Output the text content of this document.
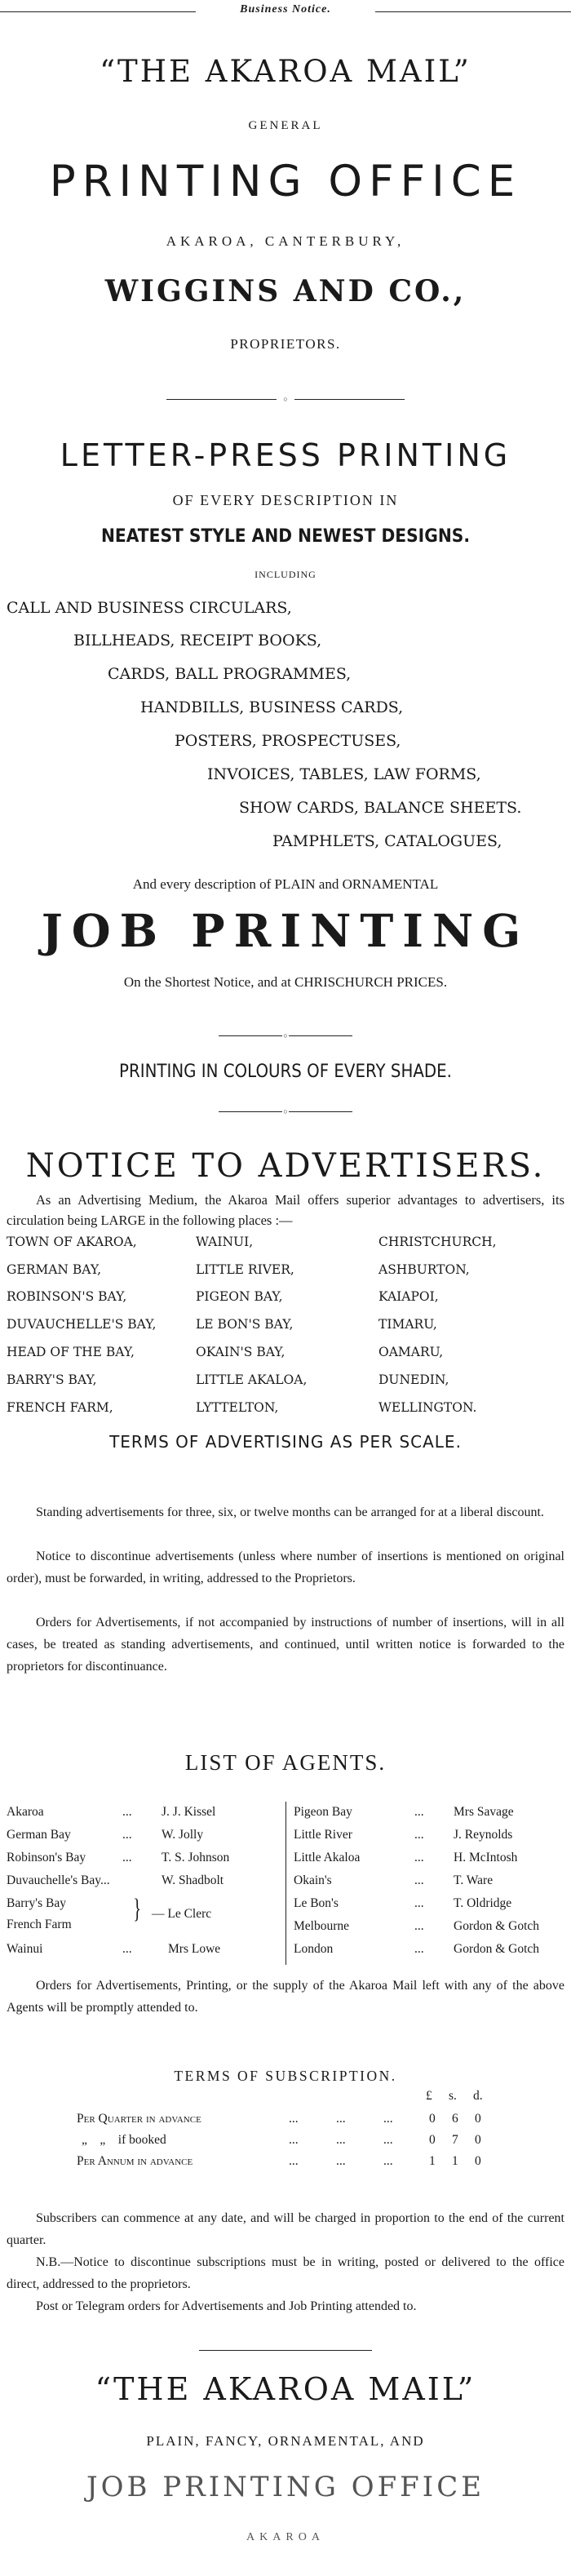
Business Notice.
“THE AKAROA MAIL”
GENERAL
PRINTING OFFICE
AKAROA, CANTERBURY,
WIGGINS AND CO.,
PROPRIETORS.
○
LETTER-PRESS PRINTING
OF EVERY DESCRIPTION IN
NEATEST STYLE AND NEWEST DESIGNS.
INCLUDING
CALL AND BUSINESS CIRCULARS,
BILLHEADS, RECEIPT BOOKS,
CARDS, BALL PROGRAMMES,
HANDBILLS, BUSINESS CARDS,
POSTERS, PROSPECTUSES,
INVOICES, TABLES, LAW FORMS,
SHOW CARDS, BALANCE SHEETS.
PAMPHLETS, CATALOGUES,
And every description of PLAIN and ORNAMENTAL
JOB PRINTING
On the Shortest Notice, and at CHRISCHURCH PRICES.
○
PRINTING IN COLOURS OF EVERY SHADE.
○
NOTICE TO ADVERTISERS.
As an Advertising Medium, the Akaroa Mail offers superior advantages to advertisers, its circulation being LARGE in the following places :—
TOWN OF AKAROA,	WAINUI,	CHRISTCHURCH,
GERMAN BAY,	LITTLE RIVER,	ASHBURTON,
ROBINSON'S BAY,	PIGEON BAY,	KAIAPOI,
DUVAUCHELLE'S BAY,	LE BON'S BAY,	TIMARU,
HEAD OF THE BAY,	OKAIN'S BAY,	OAMARU,
BARRY'S BAY,	LITTLE AKALOA,	DUNEDIN,
FRENCH FARM,	LYTTELTON,	WELLINGTON.
TERMS OF ADVERTISING AS PER SCALE.
Standing advertisements for three, six, or twelve months can be arranged for at a liberal discount.
Notice to discontinue advertisements (unless where number of insertions is mentioned on original order), must be forwarded, in writing, addressed to the Proprietors.
Orders for Advertisements, if not accompanied by instructions of number of insertions, will in all cases, be treated as standing advertisements, and continued, until written notice is forwarded to the proprietors for discontinuance.
LIST OF AGENTS.
Akaroa	... J. J. Kissel
German Bay	... W. Jolly
Robinson's Bay	... T. S. Johnson
Duvauchelle's Bay...	W. Shadbolt
Barry's Bay
French Farm
} — Le Clerc
Wainui	...	Mrs Lowe
Pigeon Bay	... Mrs Savage
Little River	... J. Reynolds
Little Akaloa	... H. McIntosh
Okain's	... T. Ware
Le Bon's	... T. Oldridge
Melbourne	... Gordon & Gotch
London	... Gordon & Gotch
Orders for Advertisements, Printing, or the supply of the Akaroa Mail left with any of the above Agents will be promptly attended to.
TERMS OF SUBSCRIPTION.
£ s. d.
Per Quarter in advance	...	...	...	0 6 0
„    „    if booked	...	...	...	0 7 0
Per Annum in advance	...	...	...	1 1 0
Subscribers can commence at any date, and will be charged in proportion to the end of the current quarter.
N.B.—Notice to discontinue subscriptions must be in writing, posted or delivered to the office direct, addressed to the proprietors.
Post or Telegram orders for Advertisements and Job Printing attended to.
“THE AKAROA MAIL”
PLAIN, FANCY, ORNAMENTAL, AND
JOB PRINTING OFFICE
AKAROA
